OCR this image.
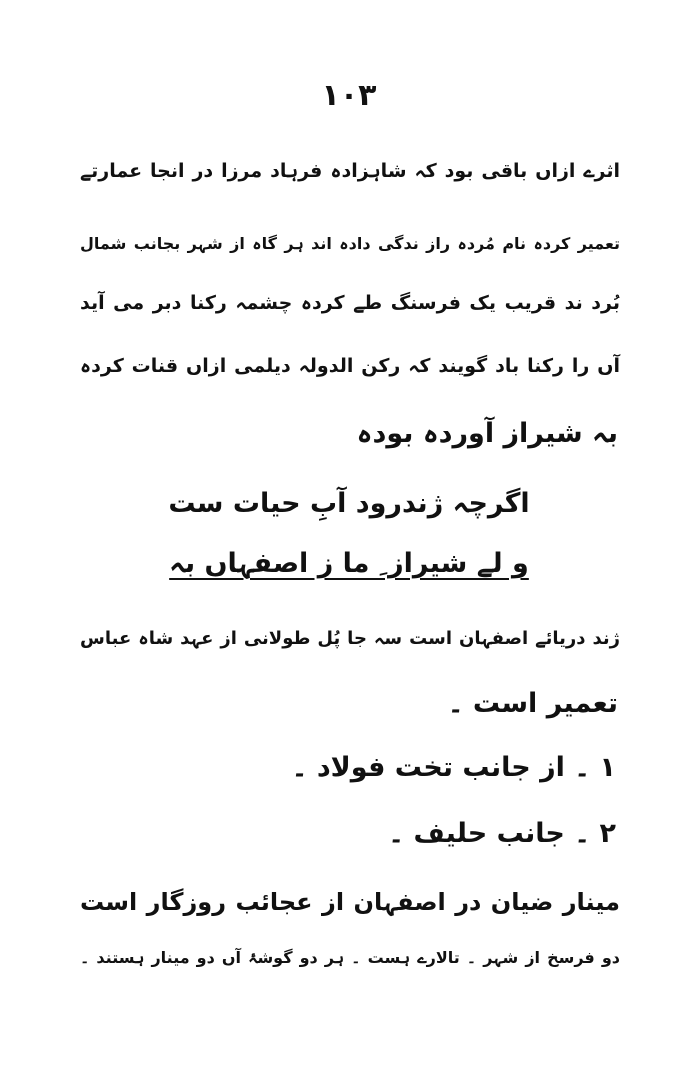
۱۰۳
اثرے ازاں باقی بود کہ شاہزادہ فرہاد مرزا در انجا عمارتے
تعمیر کردہ نام مُردہ راز ندگی دادہ اند ہر گاہ از شہر بجانب شمال
بُرد ند قریب یک فرسنگ طے کردہ چشمہ رکنا دبر می آید
آں را رکنا باد گویند کہ رکن الدولہ دیلمی ازاں قنات کردہ
بہ شیراز آوردہ بودہ
اگرچہ ژندرود آبِ حیات ست
و لے شیراز ِ ما ز اصفہاں بہ
ژند دریائے اصفہان است سہ جا پُل طولانی از عہد شاہ عباس
تعمیر است ۔
۱ ۔ از جانب تخت فولاد ۔
۲ ۔ جانب حلیف ۔
مینار ضیان در اصفہان از عجائب روزگار است
دو فرسخ از شہر ۔ تالارے ہست ۔ ہر دو گوشۂ آں دو مینار ہستند ۔
